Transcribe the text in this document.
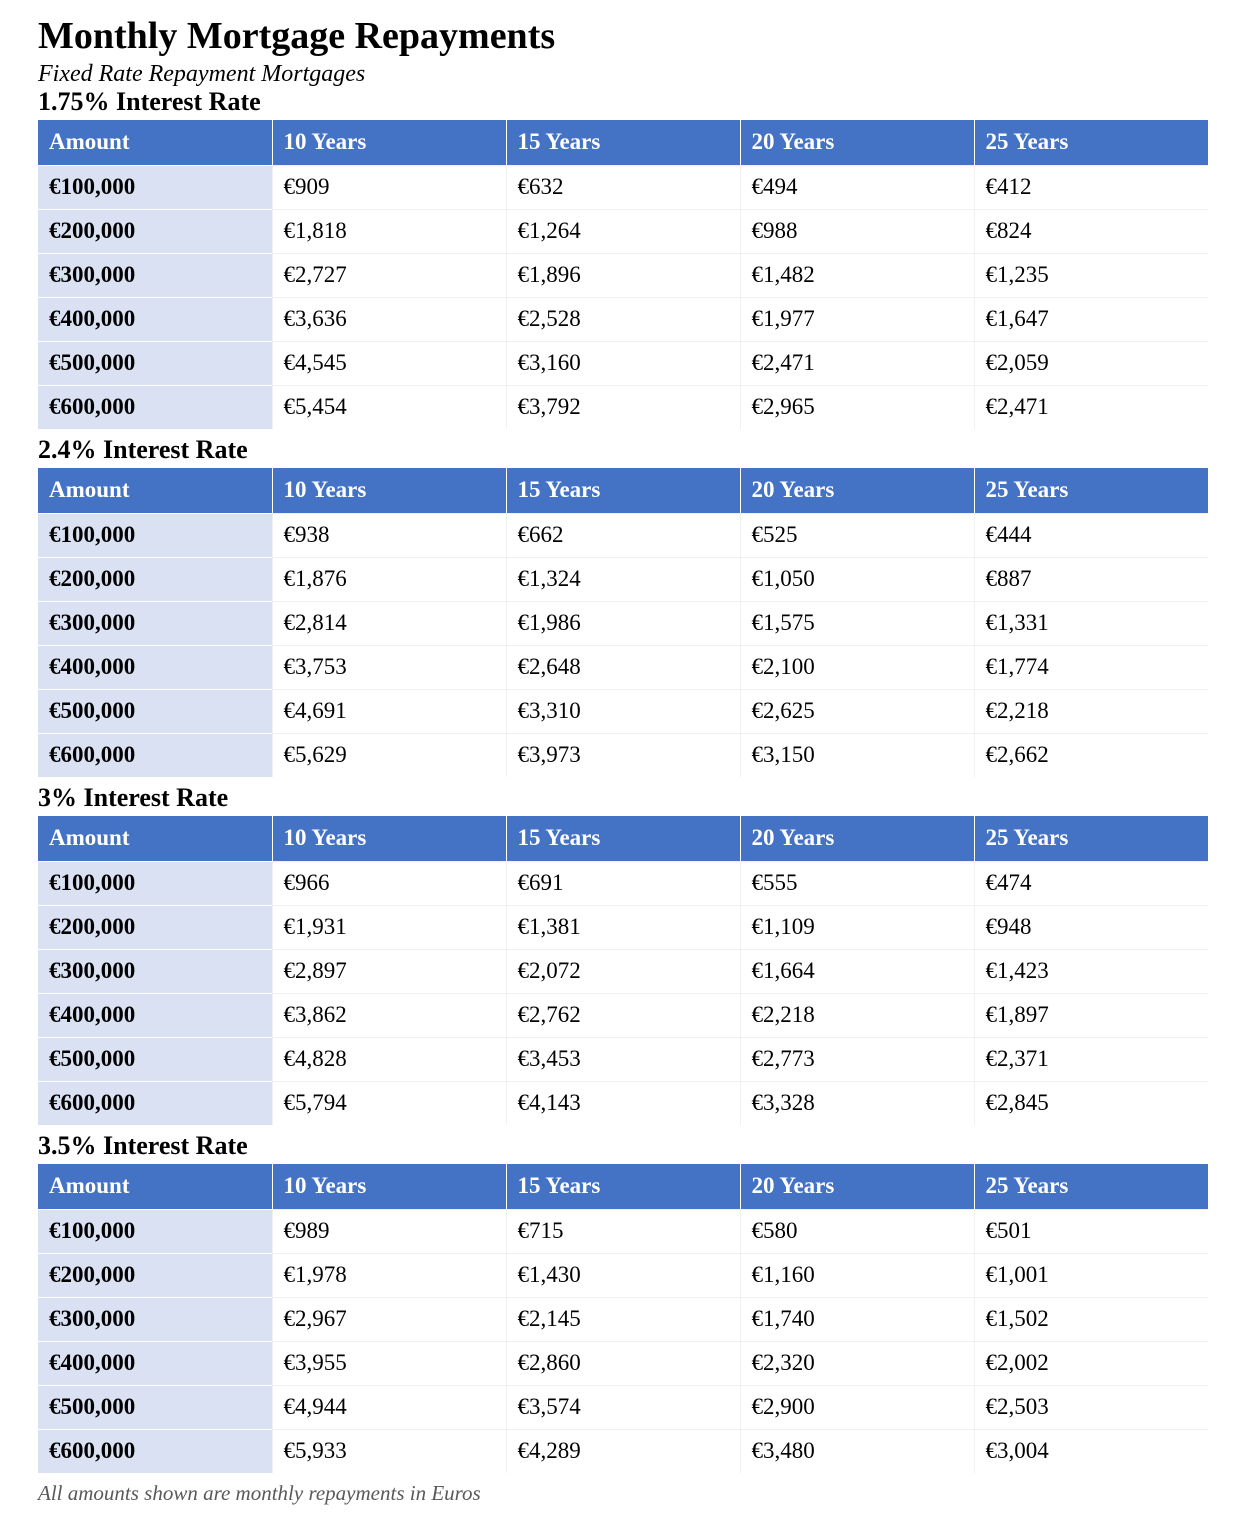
Monthly Mortgage Repayments
Fixed Rate Repayment Mortgages
1.75% Interest Rate
Amount	10 Years	15 Years	20 Years	25 Years
€100,000	€909	€632	€494	€412
€200,000	€1,818	€1,264	€988	€824
€300,000	€2,727	€1,896	€1,482	€1,235
€400,000	€3,636	€2,528	€1,977	€1,647
€500,000	€4,545	€3,160	€2,471	€2,059
€600,000	€5,454	€3,792	€2,965	€2,471
2.4% Interest Rate
Amount	10 Years	15 Years	20 Years	25 Years
€100,000	€938	€662	€525	€444
€200,000	€1,876	€1,324	€1,050	€887
€300,000	€2,814	€1,986	€1,575	€1,331
€400,000	€3,753	€2,648	€2,100	€1,774
€500,000	€4,691	€3,310	€2,625	€2,218
€600,000	€5,629	€3,973	€3,150	€2,662
3% Interest Rate
Amount	10 Years	15 Years	20 Years	25 Years
€100,000	€966	€691	€555	€474
€200,000	€1,931	€1,381	€1,109	€948
€300,000	€2,897	€2,072	€1,664	€1,423
€400,000	€3,862	€2,762	€2,218	€1,897
€500,000	€4,828	€3,453	€2,773	€2,371
€600,000	€5,794	€4,143	€3,328	€2,845
3.5% Interest Rate
Amount	10 Years	15 Years	20 Years	25 Years
€100,000	€989	€715	€580	€501
€200,000	€1,978	€1,430	€1,160	€1,001
€300,000	€2,967	€2,145	€1,740	€1,502
€400,000	€3,955	€2,860	€2,320	€2,002
€500,000	€4,944	€3,574	€2,900	€2,503
€600,000	€5,933	€4,289	€3,480	€3,004
All amounts shown are monthly repayments in Euros
